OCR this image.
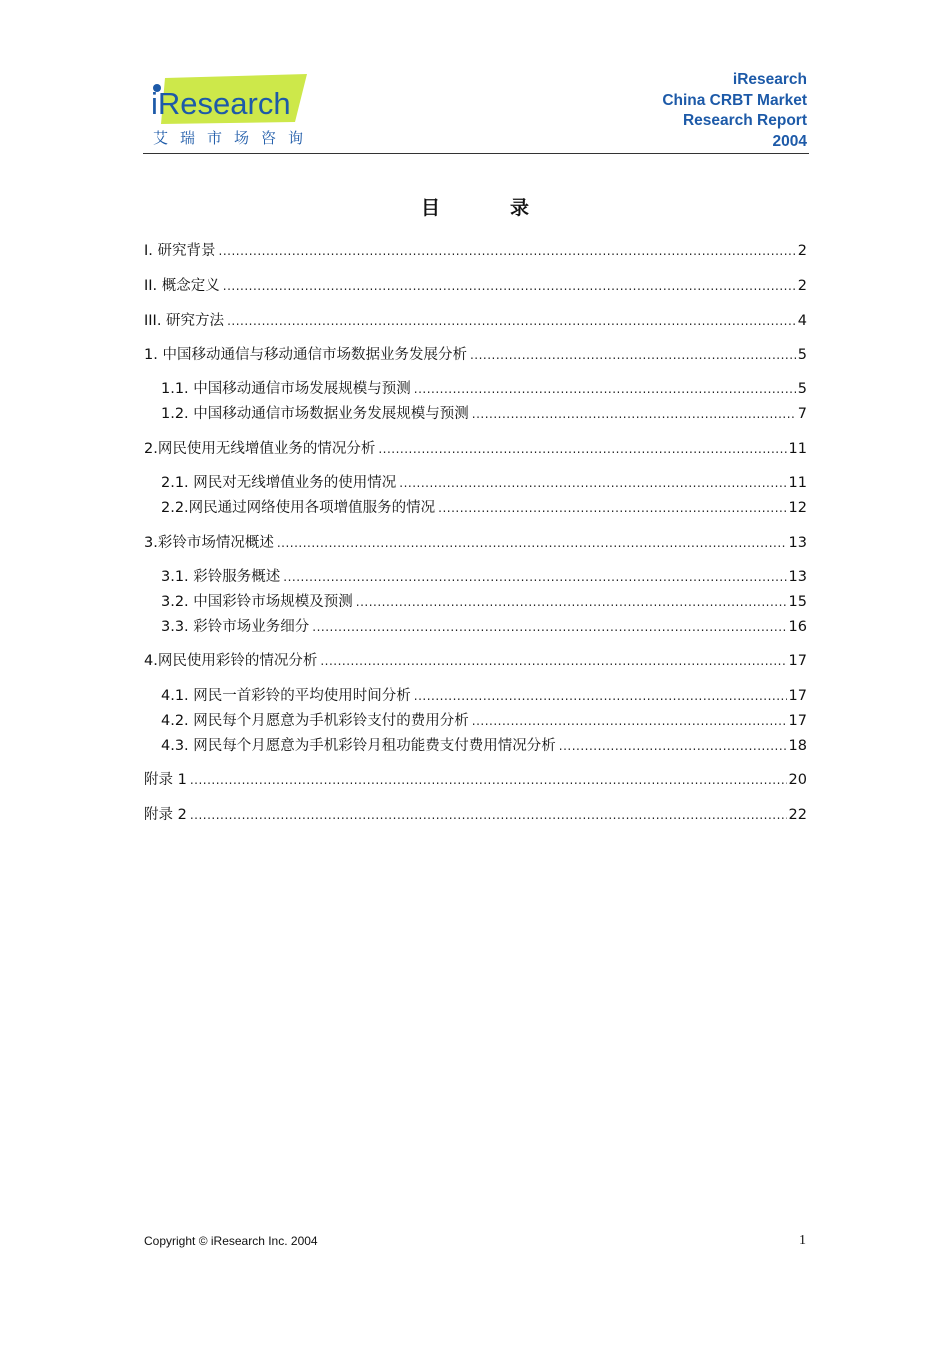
iResearch
艾瑞市场咨询
iResearch
China CRBT Market
Research Report
2004
目录
I. 研究背景 .....	2
II. 概念定义 .....	2
III. 研究方法 .....	4
1. 中国移动通信与移动通信市场数据业务发展分析 .....	5
1.1. 中国移动通信市场发展规模与预测 .....	5
1.2. 中国移动通信市场数据业务发展规模与预测 .....	7
2.网民使用无线增值业务的情况分析 .....	11
2.1. 网民对无线增值业务的使用情况 .....	11
2.2.网民通过网络使用各项增值服务的情况 .....	12
3.彩铃市场情况概述 .....	13
3.1. 彩铃服务概述 .....	13
3.2. 中国彩铃市场规模及预测 .....	15
3.3. 彩铃市场业务细分 .....	16
4.网民使用彩铃的情况分析 .....	17
4.1. 网民一首彩铃的平均使用时间分析 .....	17
4.2. 网民每个月愿意为手机彩铃支付的费用分析 .....	17
4.3. 网民每个月愿意为手机彩铃月租功能费支付费用情况分析 .....	18
附录 1 .....	20
附录 2 .....	22
Copyright © iResearch Inc. 2004	1
